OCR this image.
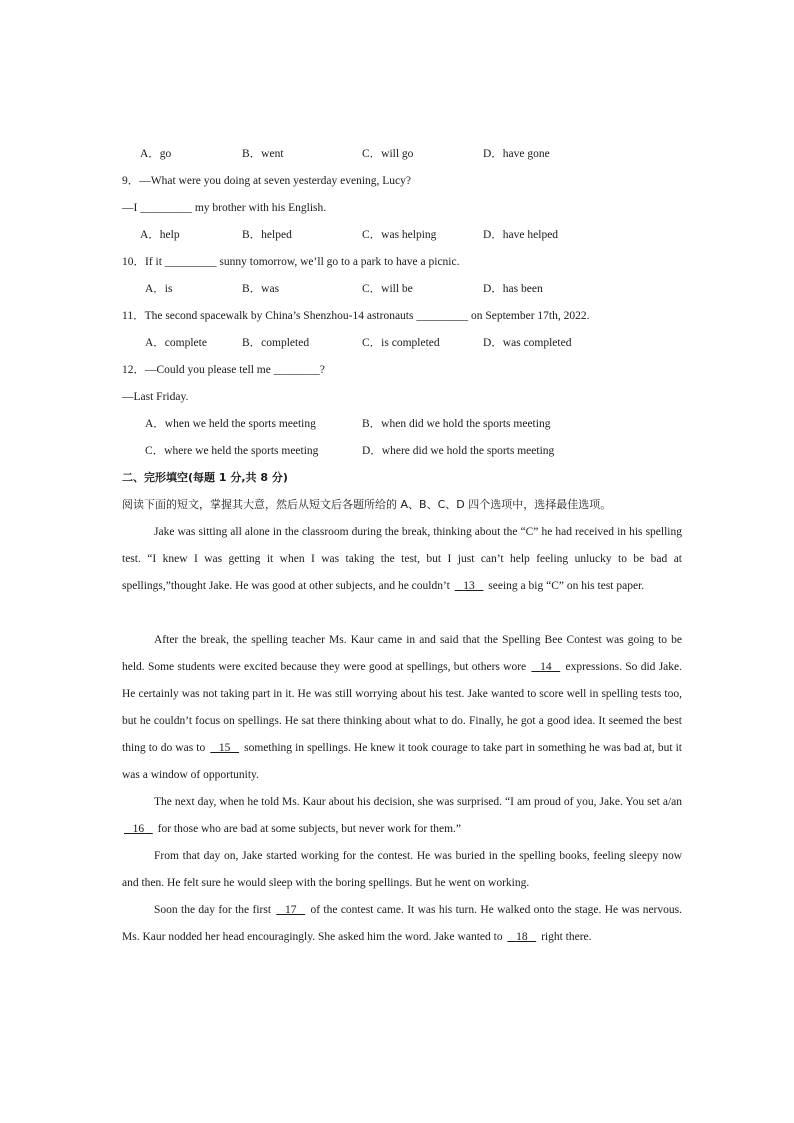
A．go	B．went	C．will go	D．have gone
9．—What were you doing at seven yesterday evening, Lucy?
—I _________ my brother with his English.
A．help	B．helped	C．was helping	D．have helped
10．If it _________ sunny tomorrow, we’ll go to a park to have a picnic.
A．is	B．was	C．will be	D．has been
11．The second spacewalk by China’s Shenzhou-14 astronauts _________ on September 17th, 2022.
A．complete	B．completed	C．is completed	D．was completed
12．—Could you please tell me ________?
—Last Friday.
A．when we held the sports meeting	B．when did we hold the sports meeting
C．where we held the sports meeting	D．where did we hold the sports meeting
二、完形填空(每题 1 分,共 8 分)
阅读下面的短文，掌握其大意，然后从短文后各题所给的 A、B、C、D 四个选项中，选择最佳选项。
Jake was sitting all alone in the classroom during the break, thinking about the “C” he had received in his spelling test. “I knew I was getting it when I was taking the test, but I just can’t help feeling unlucky to be bad at spellings,”thought Jake. He was good at other subjects, and he couldn’t    13    seeing a big “C” on his test paper.
After the break, the spelling teacher Ms. Kaur came in and said that the Spelling Bee Contest was going to be held. Some students were excited because they were good at spellings, but others wore    14    expressions. So did Jake. He certainly was not taking part in it. He was still worrying about his test. Jake wanted to score well in spelling tests too, but he couldn’t focus on spellings. He sat there thinking about what to do. Finally, he got a good idea. It seemed the best thing to do was to    15    something in spellings. He knew it took courage to take part in something he was bad at, but it was a window of opportunity.
The next day, when he told Ms. Kaur about his decision, she was surprised. “I am proud of you, Jake. You set a/an    16    for those who are bad at some subjects, but never work for them.”
From that day on, Jake started working for the contest. He was buried in the spelling books, feeling sleepy now and then. He felt sure he would sleep with the boring spellings. But he went on working.
Soon the day for the first    17    of the contest came. It was his turn. He walked onto the stage. He was nervous. Ms. Kaur nodded her head encouragingly. She asked him the word. Jake wanted to    18    right there.
